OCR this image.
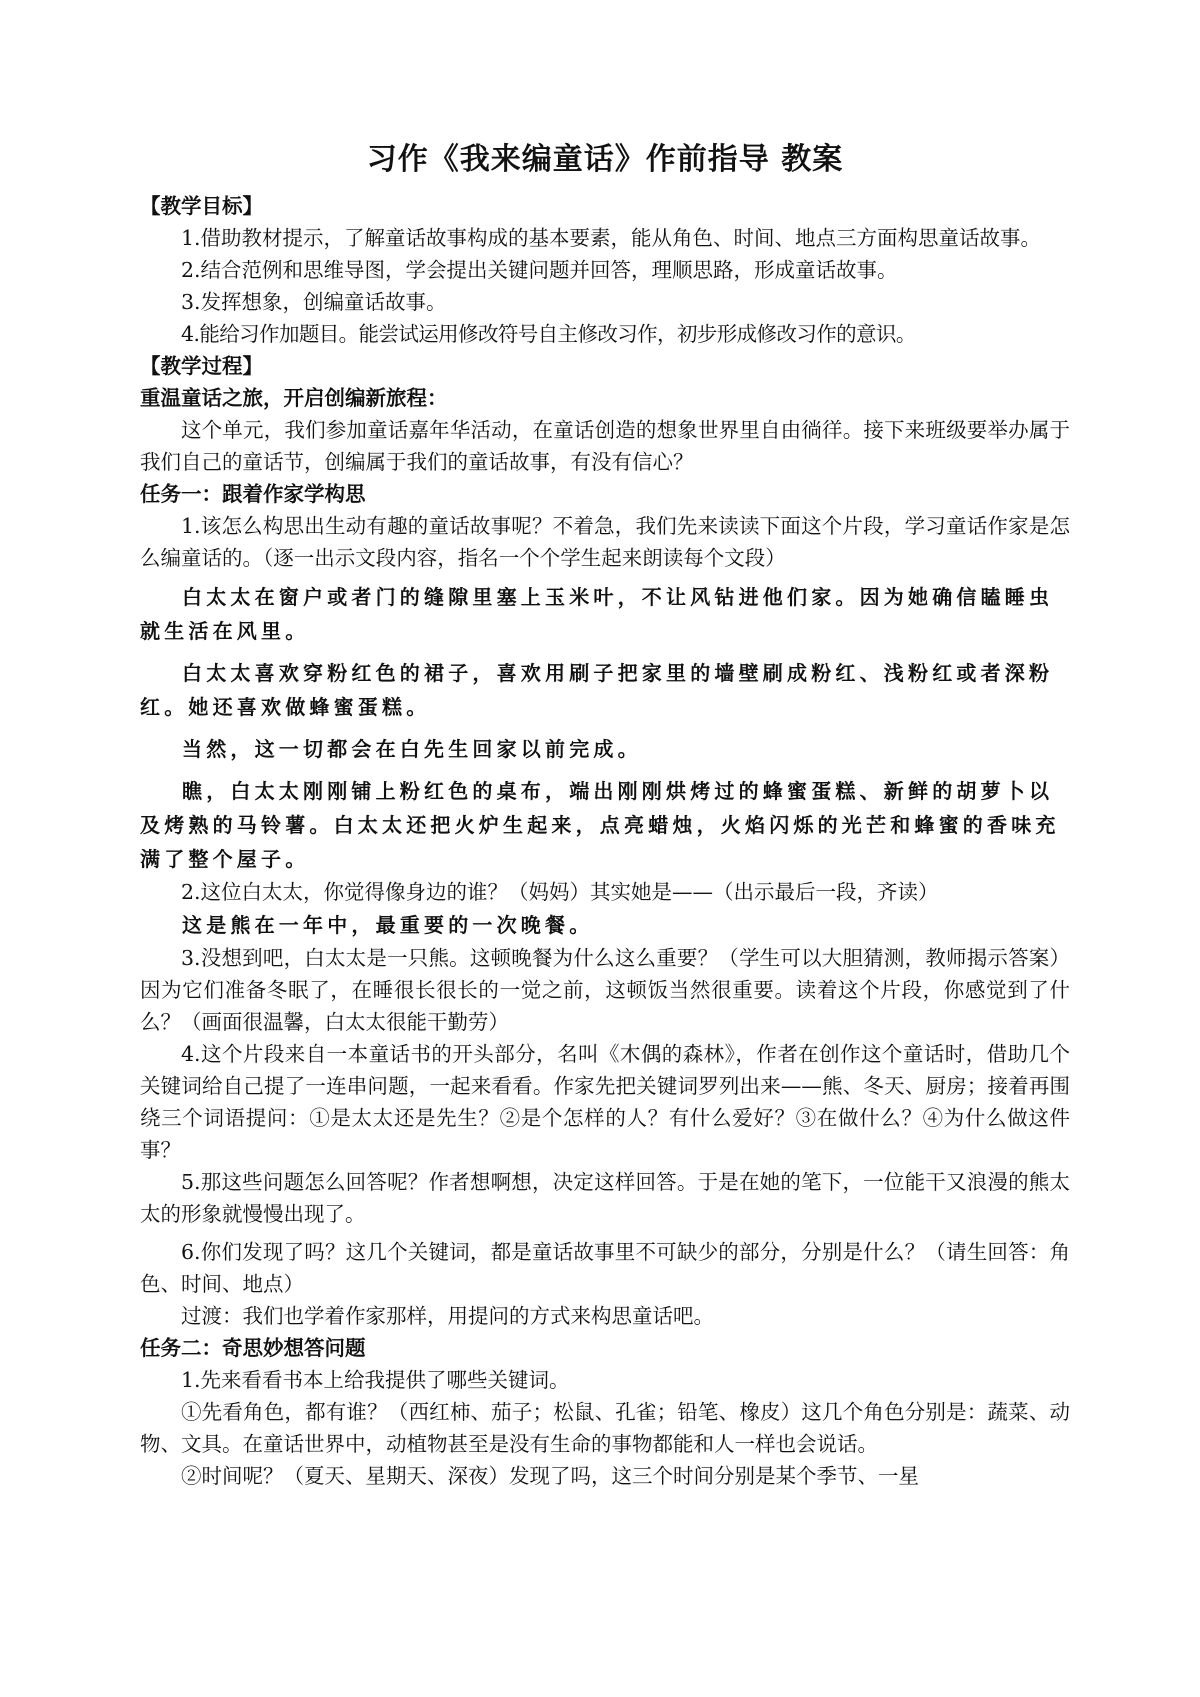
习作《我来编童话》作前指导 教案

【教学目标】

1.借助教材提示，了解童话故事构成的基本要素，能从角色、时间、地点三方面构思童话故事。

2.结合范例和思维导图，学会提出关键问题并回答，理顺思路，形成童话故事。

3.发挥想象，创编童话故事。

4.能给习作加题目。能尝试运用修改符号自主修改习作，初步形成修改习作的意识。

【教学过程】

重温童话之旅，开启创编新旅程：

这个单元，我们参加童话嘉年华活动，在童话创造的想象世界里自由徜徉。接下来班级要举办属于我们自己的童话节，创编属于我们的童话故事，有没有信心？

任务一：跟着作家学构思

1.该怎么构思出生动有趣的童话故事呢？不着急，我们先来读读下面这个片段，学习童话作家是怎么编童话的。（逐一出示文段内容，指名一个个学生起来朗读每个文段）

白太太在窗户或者门的缝隙里塞上玉米叶，不让风钻进他们家。因为她确信瞌睡虫就生活在风里。

白太太喜欢穿粉红色的裙子，喜欢用刷子把家里的墙壁刷成粉红、浅粉红或者深粉红。她还喜欢做蜂蜜蛋糕。

当然，这一切都会在白先生回家以前完成。

瞧，白太太刚刚铺上粉红色的桌布，端出刚刚烘烤过的蜂蜜蛋糕、新鲜的胡萝卜以及烤熟的马铃薯。白太太还把火炉生起来，点亮蜡烛，火焰闪烁的光芒和蜂蜜的香味充满了整个屋子。

2.这位白太太，你觉得像身边的谁？（妈妈）其实她是——（出示最后一段，齐读）

这是熊在一年中，最重要的一次晚餐。

3.没想到吧，白太太是一只熊。这顿晚餐为什么这么重要？（学生可以大胆猜测，教师揭示答案）因为它们准备冬眠了，在睡很长很长的一觉之前，这顿饭当然很重要。读着这个片段，你感觉到了什么？（画面很温馨，白太太很能干勤劳）

4.这个片段来自一本童话书的开头部分，名叫《木偶的森林》，作者在创作这个童话时，借助几个关键词给自己提了一连串问题，一起来看看。作家先把关键词罗列出来——熊、冬天、厨房；接着再围绕三个词语提问：①是太太还是先生？②是个怎样的人？有什么爱好？③在做什么？④为什么做这件事？

5.那这些问题怎么回答呢？作者想啊想，决定这样回答。于是在她的笔下，一位能干又浪漫的熊太太的形象就慢慢出现了。

6.你们发现了吗？这几个关键词，都是童话故事里不可缺少的部分，分别是什么？（请生回答：角色、时间、地点）

过渡：我们也学着作家那样，用提问的方式来构思童话吧。

任务二：奇思妙想答问题

1.先来看看书本上给我提供了哪些关键词。

①先看角色，都有谁？（西红柿、茄子；松鼠、孔雀；铅笔、橡皮）这几个角色分别是：蔬菜、动物、文具。在童话世界中，动植物甚至是没有生命的事物都能和人一样也会说话。

②时间呢？（夏天、星期天、深夜）发现了吗，这三个时间分别是某个季节、一星
